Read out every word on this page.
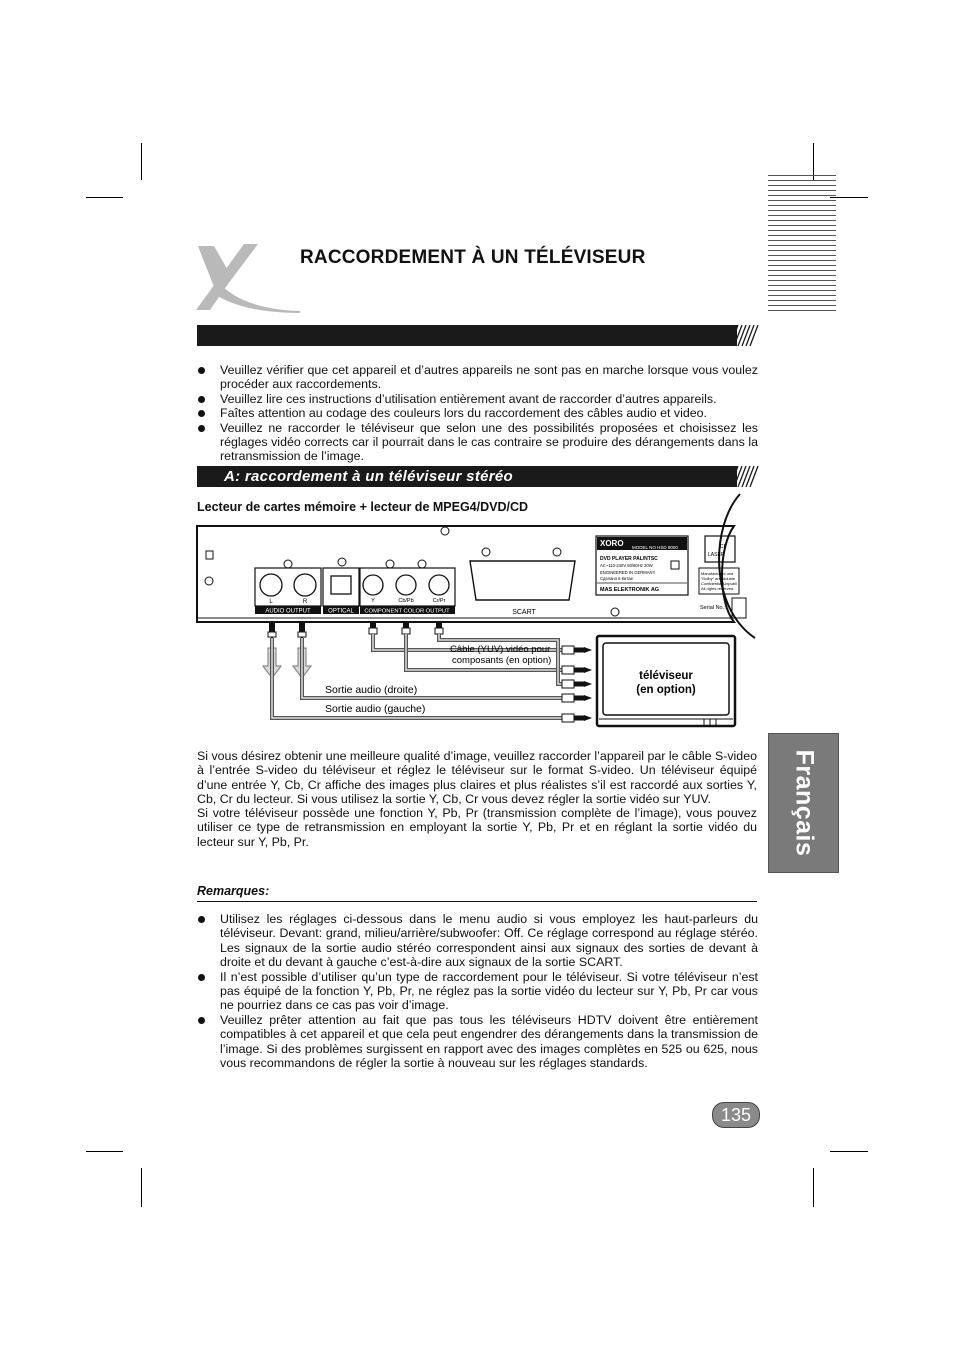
RACCORDEMENT À UN TÉLÉVISEUR
Veuillez vérifier que cet appareil et d’autres appareils ne sont pas en marche lorsque vous voulez procéder aux raccordements.
Veuillez lire ces instructions d’utilisation entièrement avant de raccorder d’autres appareils.
Faîtes attention au codage des couleurs lors du raccordement des câbles audio et video.
Veuillez ne raccorder le téléviseur que selon une des possibilités proposées et choisissez les réglages vidéo corrects car il pourrait dans le cas contraire se produire des dérangements dans la retransmission de l’image.
A: raccordement à un téléviseur stéréo
Lecteur de cartes mémoire + lecteur de MPEG4/DVD/CD
L	R
AUDIO OUTPUT	OPTICAL
Y	Cb/Pb	Cr/Pr
COMPONENT COLOR OUTPUT	SCART
XORO MODEL NO HSD 8000
DVD PLAYER PAL/NTSC
AC~110-240V 50/60Hz 20W
ENGINEERED IN GERMANY
Сделано в Китае
MAS ELEKTRONIK AG
CL
LASER
Manufactured und
"Dolby" and double
Confidential Unpubli
All rights reserved.
Serial No.:
téléviseur
(en option)
Câble (YUV) vidéo pour
composants (en option)
Sortie audio (droite)
Sortie audio (gauche)
Si vous désirez obtenir une meilleure qualité d’image, veuillez raccorder l’appareil par le câble S-video à l’entrée S-video du téléviseur et réglez le téléviseur sur le format S-video. Un téléviseur équipé d’une entrée Y, Cb, Cr affiche des images plus claires et plus réalistes s’il est raccordé aux sorties Y, Cb, Cr du lecteur. Si vous utilisez la sortie Y, Cb, Cr vous devez régler la sortie vidéo sur YUV.
Si votre téléviseur possède une fonction Y, Pb, Pr (transmission complète de l’image), vous pouvez utiliser ce type de retransmission en employant la sortie Y, Pb, Pr et en réglant la sortie vidéo du lecteur sur Y, Pb, Pr.
Remarques:
Utilisez les réglages ci-dessous dans le menu audio si vous employez les haut-parleurs du téléviseur. Devant: grand, milieu/arrière/subwoofer: Off. Ce réglage correspond au réglage stéréo. Les signaux de la sortie audio stéréo correspondent ainsi aux signaux des sorties de devant à droite et du devant à gauche c’est-à-dire aux signaux de la sortie SCART.
Il n’est possible d’utiliser qu’un type de raccordement pour le téléviseur. Si votre téléviseur n’est pas équipé de la fonction Y, Pb, Pr, ne réglez pas la sortie vidéo du lecteur sur Y, Pb, Pr car vous ne pourriez dans ce cas pas voir d’image.
Veuillez prêter attention au fait que pas tous les téléviseurs HDTV doivent être entièrement compatibles à cet appareil et que cela peut engendrer des dérangements dans la transmission de l’image. Si des problèmes surgissent en rapport avec des images complètes en 525 ou 625, nous vous recommandons de régler la sortie à nouveau sur les réglages standards.
Français
135
